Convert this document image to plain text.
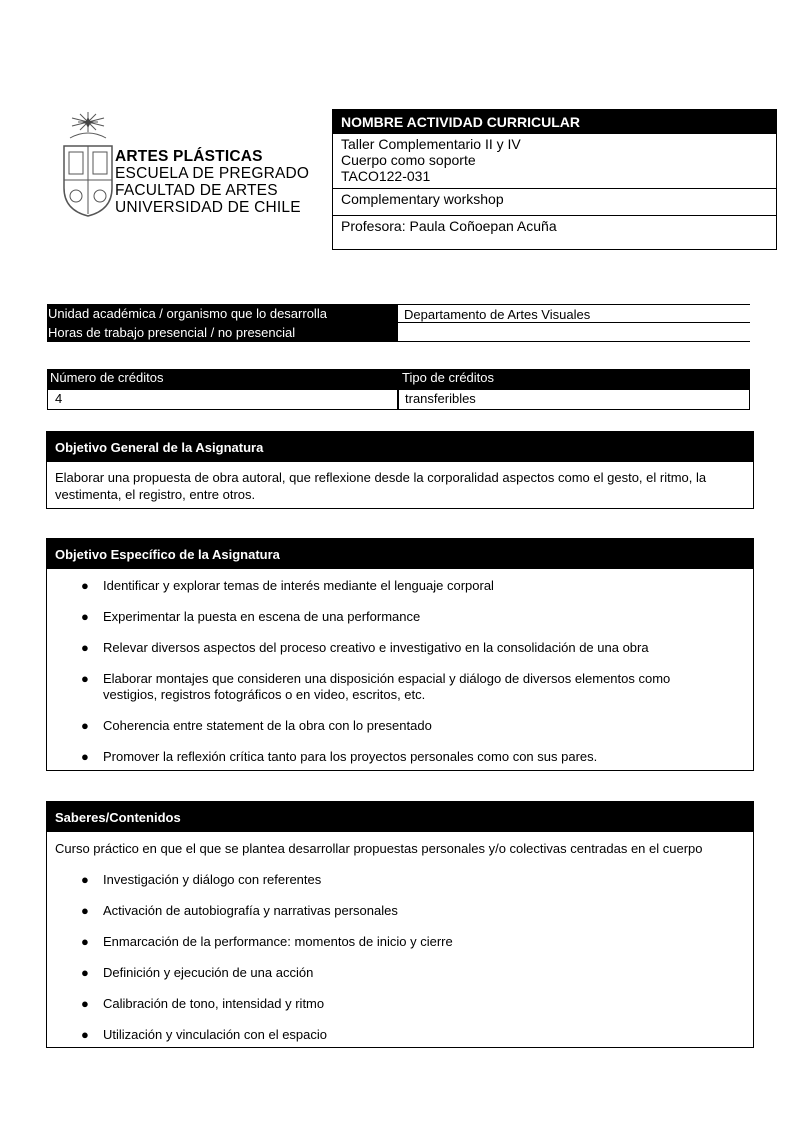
ARTES PLÁSTICAS
ESCUELA DE PREGRADO
FACULTAD DE ARTES
UNIVERSIDAD DE CHILE
NOMBRE ACTIVIDAD CURRICULAR
Taller Complementario II y IV
Cuerpo como soporte
TACO122-031
Complementary workshop
Profesora: Paula Coñoepan Acuña
Unidad académica / organismo que lo desarrolla	Departamento de Artes Visuales
Horas de trabajo presencial / no presencial
Número de créditos	Tipo de créditos
4	transferibles
Objetivo General de la Asignatura
Elaborar una propuesta de obra autoral, que reflexione desde la corporalidad aspectos como el gesto, el ritmo, la vestimenta, el registro, entre otros.
Objetivo Específico de la Asignatura
● Identificar y explorar temas de interés mediante el lenguaje corporal
● Experimentar la puesta en escena de una performance
● Relevar diversos aspectos del proceso creativo e investigativo en la consolidación de una obra
● Elaborar montajes que consideren una disposición espacial y diálogo de diversos elementos como vestigios, registros fotográficos o en video, escritos, etc.
● Coherencia entre statement de la obra con lo presentado
● Promover la reflexión crítica tanto para los proyectos personales como con sus pares.
Saberes/Contenidos
Curso práctico en que el que se plantea desarrollar propuestas personales y/o colectivas centradas en el cuerpo
● Investigación y diálogo con referentes
● Activación de autobiografía y narrativas personales
● Enmarcación de la performance: momentos de inicio y cierre
● Definición y ejecución de una acción
● Calibración de tono, intensidad y ritmo
● Utilización y vinculación con el espacio
